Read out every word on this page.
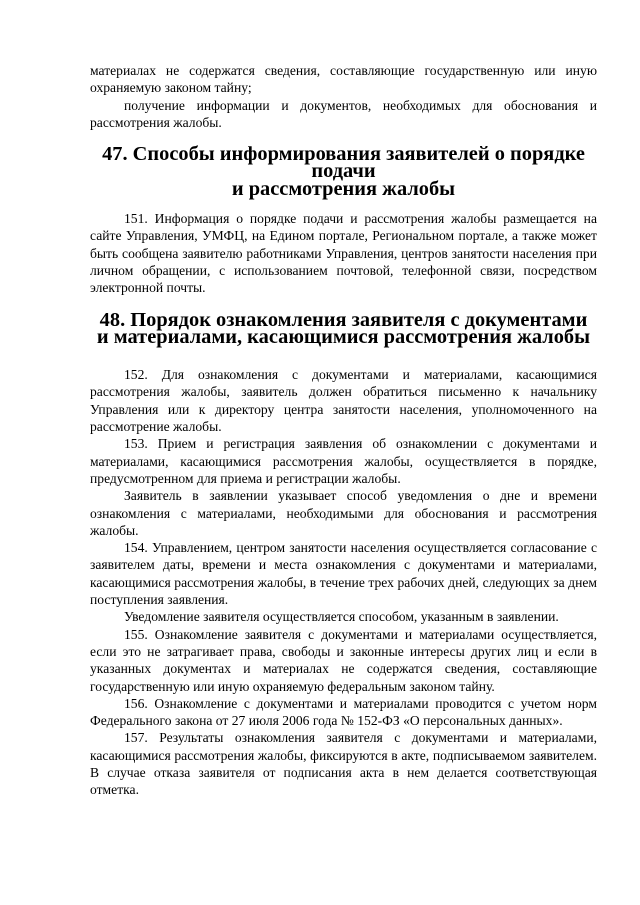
материалах не содержатся сведения, составляющие государственную или иную охраняемую законом тайну;

получение информации и документов, необходимых для обоснования и рассмотрения жалобы.

47. Способы информирования заявителей о порядке подачи
и рассмотрения жалобы

151. Информация о порядке подачи и рассмотрения жалобы размещается на сайте Управления, УМФЦ, на Едином портале, Региональном портале, а также может быть сообщена заявителю работниками Управления, центров занятости населения при личном обращении, с использованием почтовой, телефонной связи, посредством электронной почты.

48. Порядок ознакомления заявителя с документами
и материалами, касающимися рассмотрения жалобы

152. Для ознакомления с документами и материалами, касающимися рассмотрения жалобы, заявитель должен обратиться письменно к начальнику Управления или к директору центра занятости населения, уполномоченного на рассмотрение жалобы.

153. Прием и регистрация заявления об ознакомлении с документами и материалами, касающимися рассмотрения жалобы, осуществляется в порядке, предусмотренном для приема и регистрации жалобы.

Заявитель в заявлении указывает способ уведомления о дне и времени ознакомления с материалами, необходимыми для обоснования и рассмотрения жалобы.

154. Управлением, центром занятости населения осуществляется согласование с заявителем даты, времени и места ознакомления с документами и материалами, касающимися рассмотрения жалобы, в течение трех рабочих дней, следующих за днем поступления заявления.

Уведомление заявителя осуществляется способом, указанным в заявлении.

155. Ознакомление заявителя с документами и материалами осуществляется, если это не затрагивает права, свободы и законные интересы других лиц и если в указанных документах и материалах не содержатся сведения, составляющие государственную или иную охраняемую федеральным законом тайну.

156. Ознакомление с документами и материалами проводится с учетом норм Федерального закона от 27 июля 2006 года № 152-ФЗ «О персональных данных».

157. Результаты ознакомления заявителя с документами и материалами, касающимися рассмотрения жалобы, фиксируются в акте, подписываемом заявителем. В случае отказа заявителя от подписания акта в нем делается соответствующая отметка.
